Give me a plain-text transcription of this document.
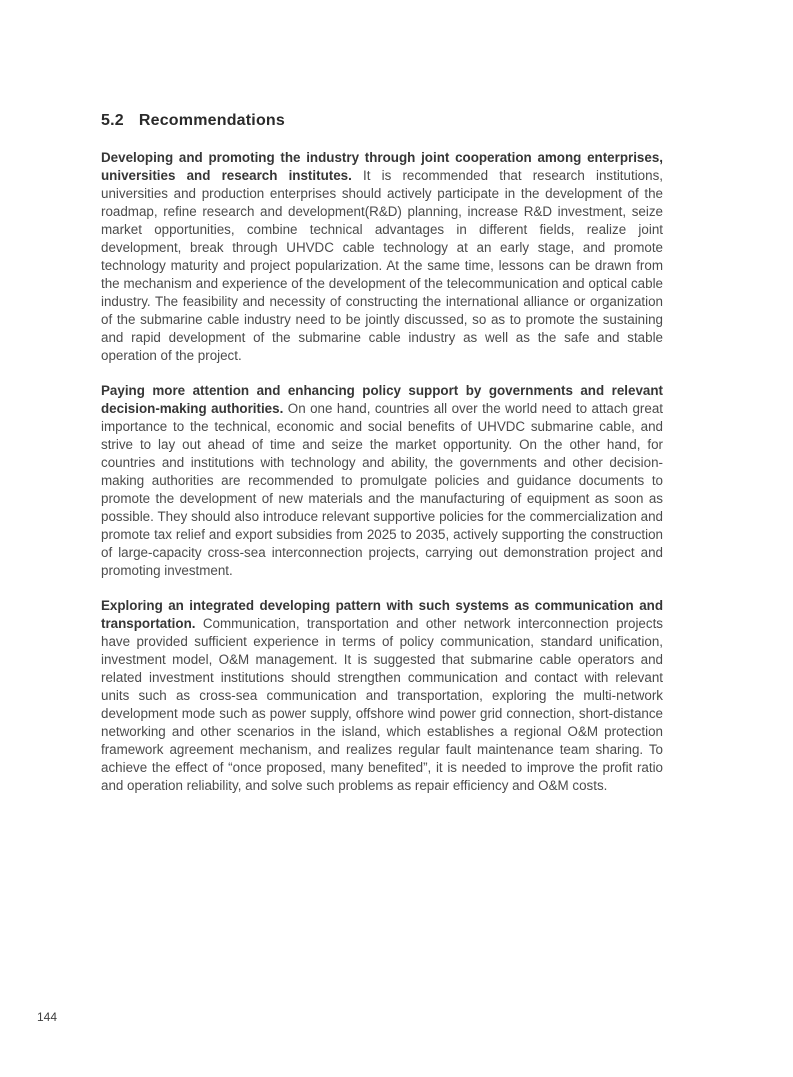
5.2 Recommendations

Developing and promoting the industry through joint cooperation among enterprises, universities and research institutes. It is recommended that research institutions, universities and production enterprises should actively participate in the development of the roadmap, refine research and development(R&D) planning, increase R&D investment, seize market opportunities, combine technical advantages in different fields, realize joint development, break through UHVDC cable technology at an early stage, and promote technology maturity and project popularization. At the same time, lessons can be drawn from the mechanism and experience of the development of the telecommunication and optical cable industry. The feasibility and necessity of constructing the international alliance or organization of the submarine cable industry need to be jointly discussed, so as to promote the sustaining and rapid development of the submarine cable industry as well as the safe and stable operation of the project.

Paying more attention and enhancing policy support by governments and relevant decision-making authorities. On one hand, countries all over the world need to attach great importance to the technical, economic and social benefits of UHVDC submarine cable, and strive to lay out ahead of time and seize the market opportunity. On the other hand, for countries and institutions with technology and ability, the governments and other decision-making authorities are recommended to promulgate policies and guidance documents to promote the development of new materials and the manufacturing of equipment as soon as possible. They should also introduce relevant supportive policies for the commercialization and promote tax relief and export subsidies from 2025 to 2035, actively supporting the construction of large-capacity cross-sea interconnection projects, carrying out demonstration project and promoting investment.

Exploring an integrated developing pattern with such systems as communication and transportation. Communication, transportation and other network interconnection projects have provided sufficient experience in terms of policy communication, standard unification, investment model, O&M management. It is suggested that submarine cable operators and related investment institutions should strengthen communication and contact with relevant units such as cross-sea communication and transportation, exploring the multi-network development mode such as power supply, offshore wind power grid connection, short-distance networking and other scenarios in the island, which establishes a regional O&M protection framework agreement mechanism, and realizes regular fault maintenance team sharing. To achieve the effect of “once proposed, many benefited”, it is needed to improve the profit ratio and operation reliability, and solve such problems as repair efficiency and O&M costs.

144
